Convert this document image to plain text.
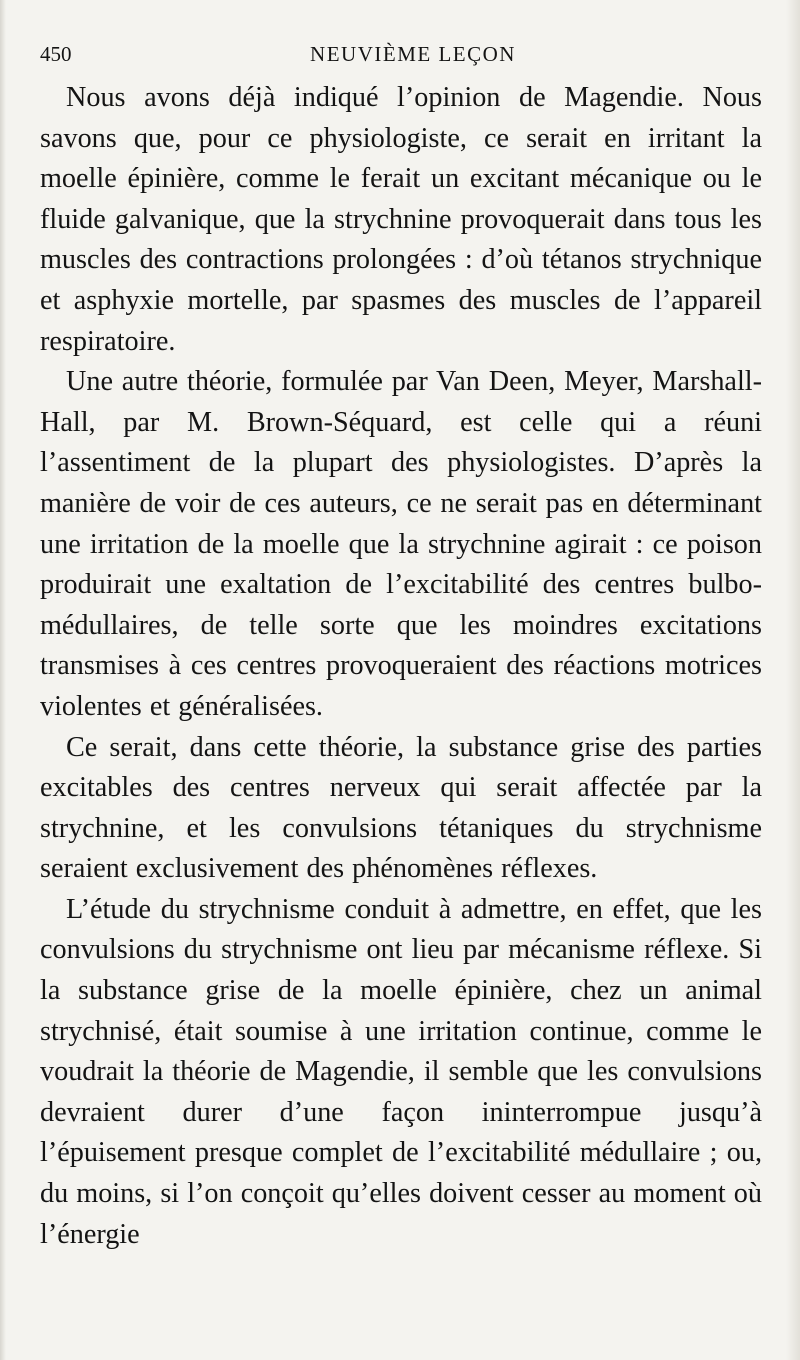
450	NEUVIÈME LEÇON

Nous avons déjà indiqué l’opinion de Magendie. Nous savons que, pour ce physiologiste, ce serait en irritant la moelle épinière, comme le ferait un excitant mécanique ou le fluide galvanique, que la strychnine provoquerait dans tous les muscles des contractions prolongées : d’où tétanos strychnique et asphyxie mortelle, par spasmes des muscles de l’appareil respiratoire.

Une autre théorie, formulée par Van Deen, Meyer, Marshall-Hall, par M. Brown-Séquard, est celle qui a réuni l’assentiment de la plupart des physiologistes. D’après la manière de voir de ces auteurs, ce ne serait pas en déterminant une irritation de la moelle que la strychnine agirait : ce poison produirait une exaltation de l’excitabilité des centres bulbo-médullaires, de telle sorte que les moindres excitations transmises à ces centres provoqueraient des réactions motrices violentes et généralisées.

Ce serait, dans cette théorie, la substance grise des parties excitables des centres nerveux qui serait affectée par la strychnine, et les convulsions tétaniques du strychnisme seraient exclusivement des phénomènes réflexes.

L’étude du strychnisme conduit à admettre, en effet, que les convulsions du strychnisme ont lieu par mécanisme réflexe. Si la substance grise de la moelle épinière, chez un animal strychnisé, était soumise à une irritation continue, comme le voudrait la théorie de Magendie, il semble que les convulsions devraient durer d’une façon ininterrompue jusqu’à l’épuisement presque complet de l’excitabilité médullaire ; ou, du moins, si l’on conçoit qu’elles doivent cesser au moment où l’énergie
